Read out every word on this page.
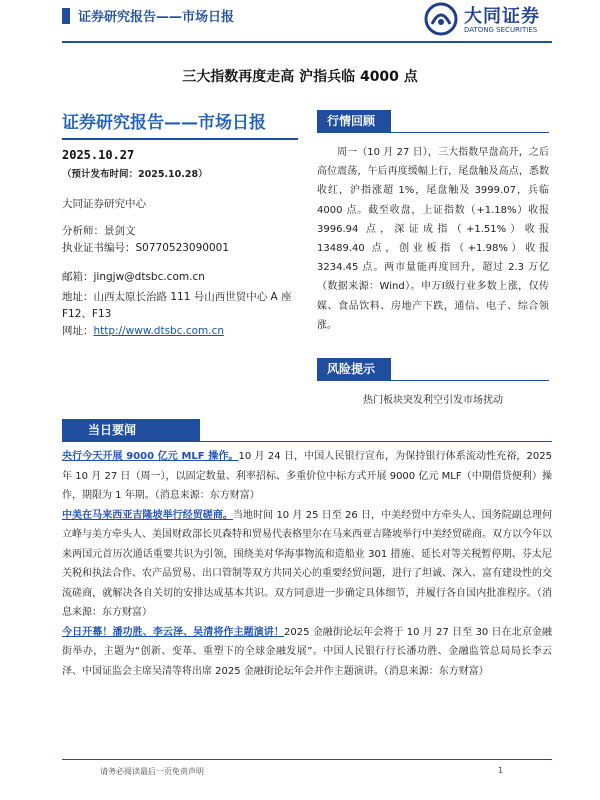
证券研究报告——市场日报	大同证券
DATONG SECURITIES
三大指数再度走高 沪指兵临 4000 点
证券研究报告——市场日报
2025.10.27
（预计发布时间：2025.10.28）
大同证券研究中心
分析师：景剑文
执业证书编号：S0770523090001
邮箱：jingjw@dtsbc.com.cn
地址：山西太原长治路 111 号山西世贸中心 A 座 F12、F13
网址：http://www.dtsbc.com.cn
行情回顾
周一（10 月 27 日），三大指数早盘高开，之后高位震荡，午后再度缓幅上行，尾盘触及高点，悉数收红，沪指涨超 1%，尾盘触及 3999.07，兵临 4000 点。截至收盘，上证指数（+1.18%）收报 3996.94 点，深证成指（+1.51%）收报 13489.40 点，创业板指（+1.98%）收报 3234.45 点。两市量能再度回升，超过 2.3 万亿（数据来源：Wind）。申万Ⅰ级行业多数上涨，仅传媒、食品饮料、房地产下跌，通信、电子、综合领涨。
风险提示
热门板块突发利空引发市场扰动
当日要闻

央行今天开展 9000 亿元 MLF 操作。10 月 24 日，中国人民银行宣布，为保持银行体系流动性充裕，2025 年 10 月 27 日（周一），以固定数量、利率招标、多重价位中标方式开展 9000 亿元 MLF（中期借贷便利）操作，期限为 1 年期。（消息来源：东方财富）

中美在马来西亚吉隆坡举行经贸磋商。当地时间 10 月 25 日至 26 日，中美经贸中方牵头人、国务院副总理何立峰与美方牵头人、美国财政部长贝森特和贸易代表格里尔在马来西亚吉隆坡举行中美经贸磋商。双方以今年以来两国元首历次通话重要共识为引领，围绕美对华海事物流和造船业 301 措施、延长对等关税暂停期、芬太尼关税和执法合作、农产品贸易、出口管制等双方共同关心的重要经贸问题，进行了坦诚、深入、富有建设性的交流磋商，就解决各自关切的安排达成基本共识。双方同意进一步确定具体细节，并履行各自国内批准程序。（消息来源：东方财富）

今日开幕！潘功胜、李云泽、吴清将作主题演讲！2025 金融街论坛年会将于 10 月 27 日至 30 日在北京金融街举办，主题为“创新、变革、重塑下的全球金融发展”。中国人民银行行长潘功胜、金融监管总局局长李云泽、中国证监会主席吴清等将出席 2025 金融街论坛年会并作主题演讲。（消息来源：东方财富）

请务必阅读最后一页免责声明	1
